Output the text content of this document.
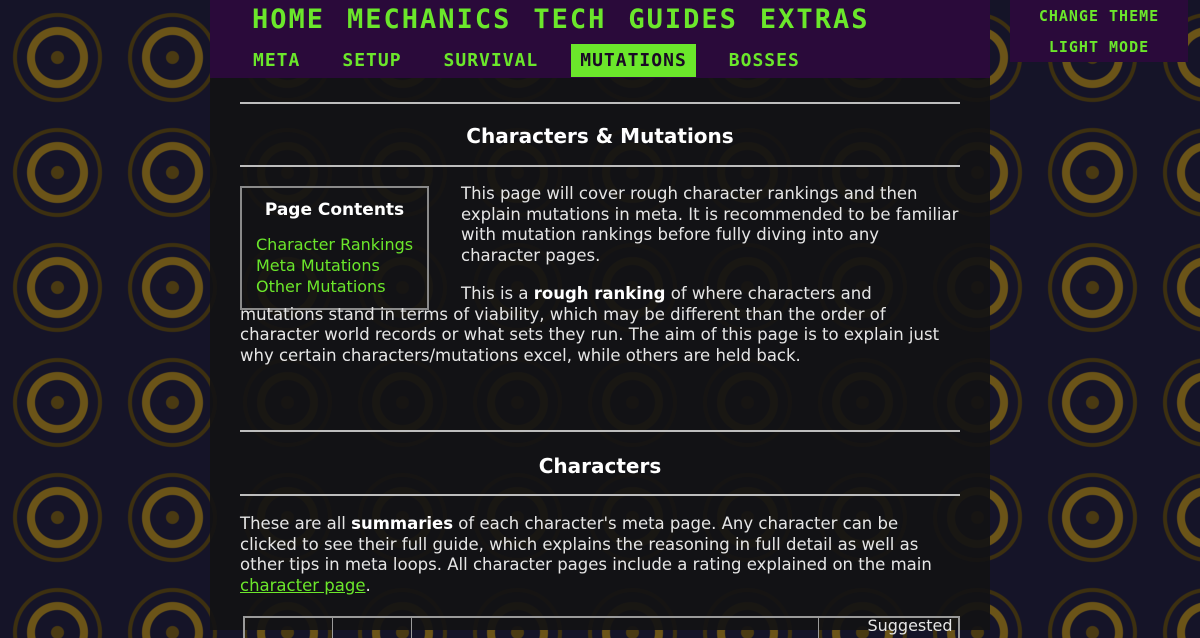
HOME MECHANICS TECH GUIDES EXTRAS
META	SETUP	SURVIVAL	MUTATIONS	BOSSES
CHANGE THEME
LIGHT MODE
Characters & Mutations
Page Contents
Character Rankings
Meta Mutations
Other Mutations
This page will cover rough character rankings and then explain mutations in meta. It is recommended to be familiar with mutation rankings before fully diving into any character pages.
This is a rough ranking of where characters and mutations stand in terms of viability, which may be different than the order of character world records or what sets they run. The aim of this page is to explain just why certain characters/mutations excel, while others are held back.
Characters
These are all summaries of each character's meta page. Any character can be clicked to see their full guide, which explains the reasoning in full detail as well as other tips in meta loops. All character pages include a rating explained on the main character page.
Suggested
